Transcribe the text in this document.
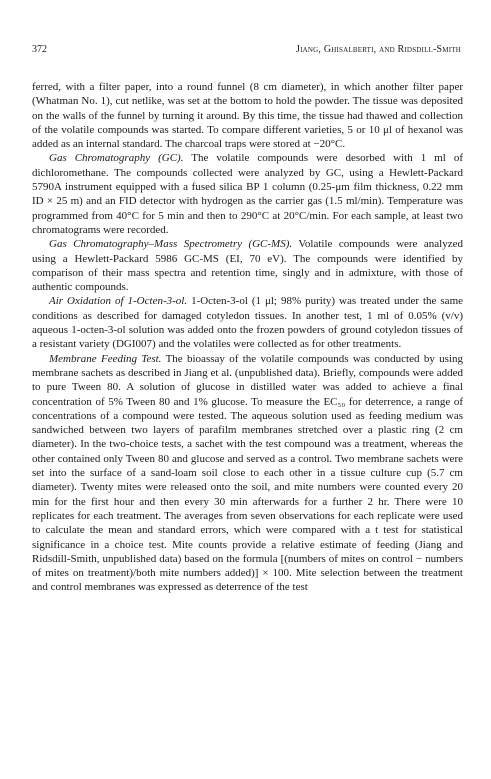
372	Jiang, Ghisalberti, and Ridsdill-Smith

ferred, with a filter paper, into a round funnel (8 cm diameter), in which another filter paper (Whatman No. 1), cut netlike, was set at the bottom to hold the powder. The tissue was deposited on the walls of the funnel by turning it around. By this time, the tissue had thawed and collection of the volatile compounds was started. To compare different varieties, 5 or 10 μl of hexanol was added as an internal standard. The charcoal traps were stored at −20°C.

Gas Chromatography (GC). The volatile compounds were desorbed with 1 ml of dichloromethane. The compounds collected were analyzed by GC, using a Hewlett-Packard 5790A instrument equipped with a fused silica BP 1 column (0.25-μm film thickness, 0.22 mm ID × 25 m) and an FID detector with hydrogen as the carrier gas (1.5 ml/min). Temperature was programmed from 40°C for 5 min and then to 290°C at 20°C/min. For each sample, at least two chromatograms were recorded.

Gas Chromatography–Mass Spectrometry (GC-MS). Volatile compounds were analyzed using a Hewlett-Packard 5986 GC-MS (EI, 70 eV). The compounds were identified by comparison of their mass spectra and retention time, singly and in admixture, with those of authentic compounds.

Air Oxidation of 1-Octen-3-ol. 1-Octen-3-ol (1 μl; 98% purity) was treated under the same conditions as described for damaged cotyledon tissues. In another test, 1 ml of 0.05% (v/v) aqueous 1-octen-3-ol solution was added onto the frozen powders of ground cotyledon tissues of a resistant variety (DGI007) and the volatiles were collected as for other treatments.

Membrane Feeding Test. The bioassay of the volatile compounds was conducted by using membrane sachets as described in Jiang et al. (unpublished data). Briefly, compounds were added to pure Tween 80. A solution of glucose in distilled water was added to achieve a final concentration of 5% Tween 80 and 1% glucose. To measure the EC₅₀ for deterrence, a range of concentrations of a compound were tested. The aqueous solution used as feeding medium was sandwiched between two layers of parafilm membranes stretched over a plastic ring (2 cm diameter). In the two-choice tests, a sachet with the test compound was a treatment, whereas the other contained only Tween 80 and glucose and served as a control. Two membrane sachets were set into the surface of a sand-loam soil close to each other in a tissue culture cup (5.7 cm diameter). Twenty mites were released onto the soil, and mite numbers were counted every 20 min for the first hour and then every 30 min afterwards for a further 2 hr. There were 10 replicates for each treatment. The averages from seven observations for each replicate were used to calculate the mean and standard errors, which were compared with a t test for statistical significance in a choice test. Mite counts provide a relative estimate of feeding (Jiang and Ridsdill-Smith, unpublished data) based on the formula [(numbers of mites on control − numbers of mites on treatment)/both mite numbers added)] × 100. Mite selection between the treatment and control membranes was expressed as deterrence of the test
